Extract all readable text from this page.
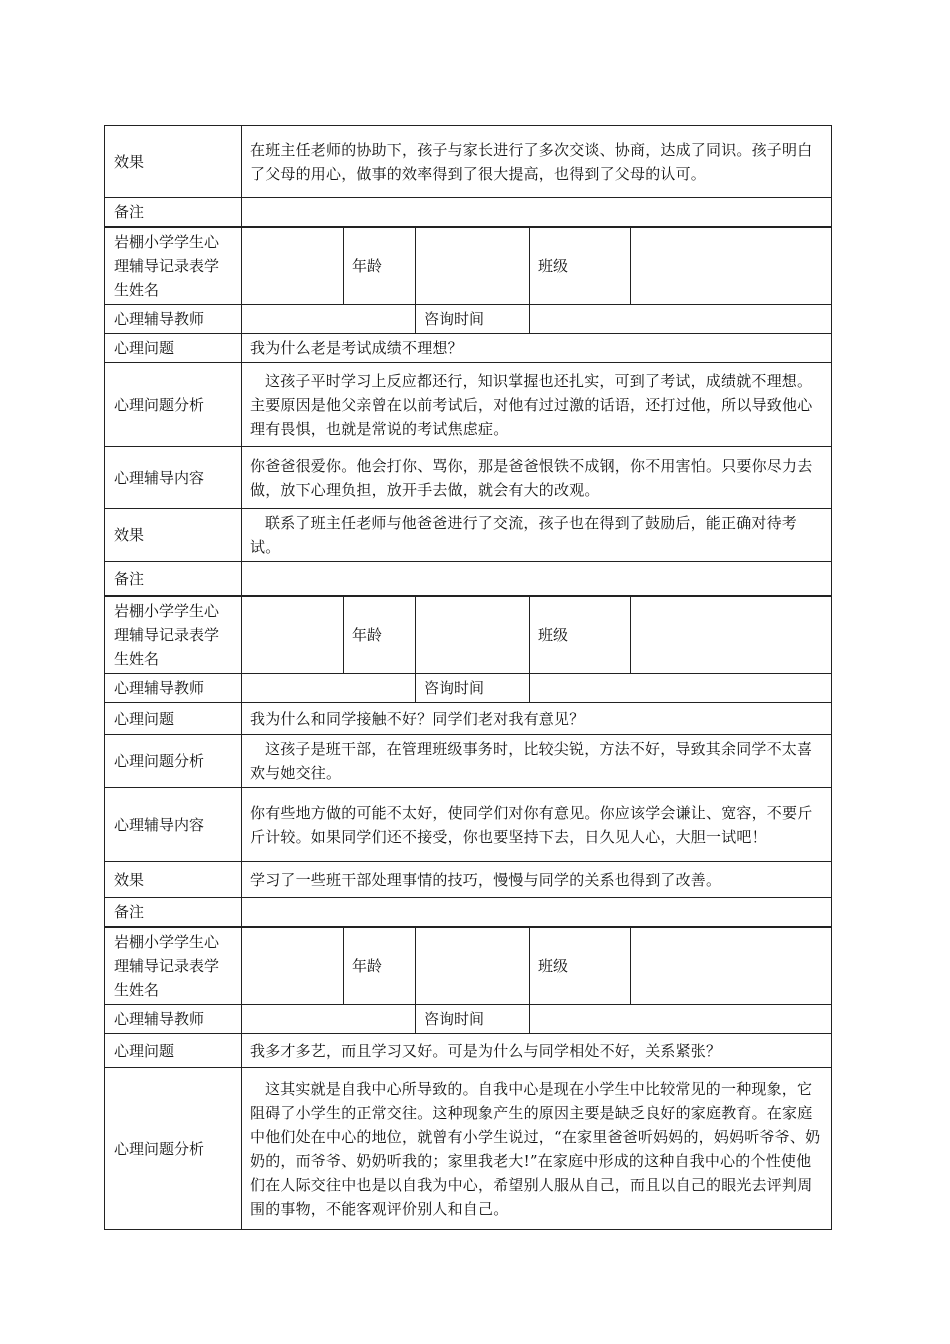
效果	在班主任老师的协助下，孩子与家长进行了多次交谈、协商，达成了同识。孩子明白了父母的用心，做事的效率得到了很大提高，也得到了父母的认可。
备注	
岩棚小学学生心理辅导记录表学生姓名		年龄		班级	
心理辅导教师			咨询时间		
心理问题	我为什么老是考试成绩不理想？				
心理问题分析	这孩子平时学习上反应都还行，知识掌握也还扎实，可到了考试，成绩就不理想。主要原因是他父亲曾在以前考试后，对他有过过激的话语，还打过他，所以导致他心理有畏惧，也就是常说的考试焦虑症。				
心理辅导内容	你爸爸很爱你。他会打你、骂你，那是爸爸恨铁不成钢，你不用害怕。只要你尽力去做，放下心理负担，放开手去做，就会有大的改观。				
效果	联系了班主任老师与他爸爸进行了交流，孩子也在得到了鼓励后，能正确对待考试。				
备注					
岩棚小学学生心理辅导记录表学生姓名		年龄		班级	
心理辅导教师			咨询时间		
心理问题	我为什么和同学接触不好？同学们老对我有意见？				
心理问题分析	这孩子是班干部，在管理班级事务时，比较尖锐，方法不好，导致其余同学不太喜欢与她交往。				
心理辅导内容	你有些地方做的可能不太好，使同学们对你有意见。你应该学会谦让、宽容，不要斤斤计较。如果同学们还不接受，你也要坚持下去，日久见人心，大胆一试吧！				
效果	学习了一些班干部处理事情的技巧，慢慢与同学的关系也得到了改善。				
备注					
岩棚小学学生心理辅导记录表学生姓名		年龄		班级	
心理辅导教师			咨询时间		
心理问题	我多才多艺，而且学习又好。可是为什么与同学相处不好，关系紧张？				
心理问题分析	这其实就是自我中心所导致的。自我中心是现在小学生中比较常见的一种现象，它阻碍了小学生的正常交往。这种现象产生的原因主要是缺乏良好的家庭教育。在家庭中他们处在中心的地位，就曾有小学生说过，“在家里爸爸听妈妈的，妈妈听爷爷、奶奶的，而爷爷、奶奶听我的；家里我老大!”在家庭中形成的这种自我中心的个性使他们在人际交往中也是以自我为中心，希望别人服从自己，而且以自己的眼光去评判周围的事物，不能客观评价别人和自己。				
